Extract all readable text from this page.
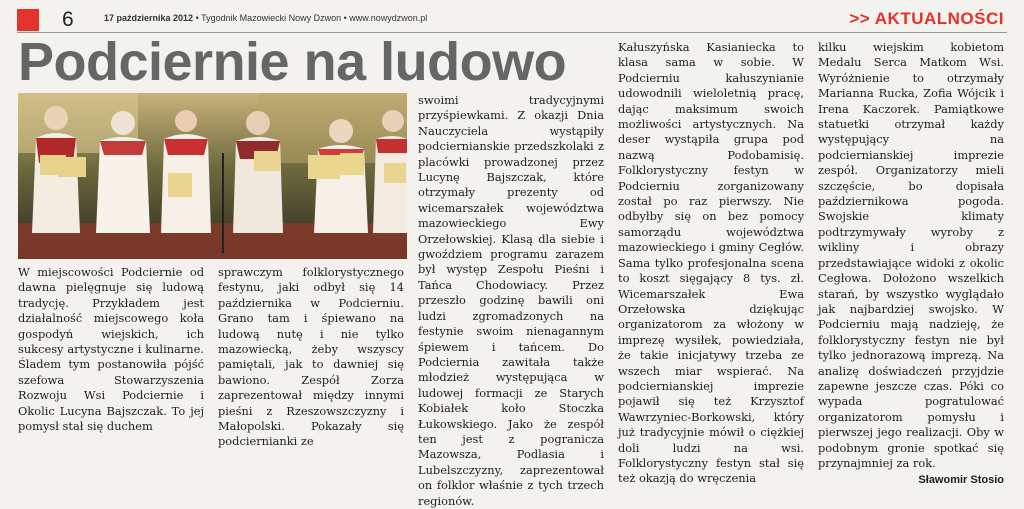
6	17 października 2012 • Tygodnik Mazowiecki Nowy Dzwon • www.nowydzwon.pl	>> AKTUALNOŚCI
Podciernie na ludowo

W miejscowości Podciernie od dawna pielęgnuje się ludową tradycję. Przykładem jest działalność miejscowego koła gospodyń wiejskich, ich sukcesy artystyczne i kulinarne. Śladem tym postanowiła pójść szefowa Stowarzyszenia Rozwoju Wsi Podciernie i Okolic Lucyna Bajszczak. To jej pomysł stał się duchem

sprawczym folklorystycznego festynu, jaki odbył się 14 października w Podcierniu. Grano tam i śpiewano na ludową nutę i nie tylko mazowiecką, żeby wszyscy pamiętali, jak to dawniej się bawiono. Zespół Zorza zaprezentował między innymi pieśni z Rzeszowszczyzny i Małopolski. Pokazały się podciernianki ze

swoimi tradycyjnymi przyśpiewkami. Z okazji Dnia Nauczyciela wystąpiły podciernianskie przedszkolaki z placówki prowadzonej przez Lucynę Bajszczak, które otrzymały prezenty od wicemarszałek województwa mazowieckiego Ewy Orzełowskiej. Klasą dla siebie i gwoździem programu zarazem był występ Zespołu Pieśni i Tańca Chodowiacy. Przez przeszło godzinę bawili oni ludzi zgromadzonych na festynie swoim nienagannym śpiewem i tańcem. Do Podciernia zawitała także młodzież występująca w ludowej formacji ze Starych Kobiałek koło Stoczka Łukowskiego. Jako że zespół ten jest z pogranicza Mazowsza, Podlasia i Lubelszczyzny, zaprezentował on folklor właśnie z tych trzech regionów.

Kałuszyńska Kasianiecka to klasa sama w sobie. W Podcierniu kałuszynianie udowodnili wieloletnią pracę, dając maksimum swoich możliwości artystycznych. Na deser wystąpiła grupa pod nazwą Podobamisię. Folklorystyczny festyn w Podcierniu zorganizowany został po raz pierwszy. Nie odbyłby się on bez pomocy samorządu województwa mazowieckiego i gminy Cegłów. Sama tylko profesjonalna scena to koszt sięgający 8 tys. zł. Wicemarszałek Ewa Orzełowska dziękując organizatorom za włożony w imprezę wysiłek, powiedziała, że takie inicjatywy trzeba ze wszech miar wspierać. Na podciernianskiej imprezie pojawił się też Krzysztof Wawrzyniec-Borkowski, który już tradycyjnie mówił o ciężkiej doli ludzi na wsi. Folklorystyczny festyn stał się też okazją do wręczenia

kilku wiejskim kobietom Medalu Serca Matkom Wsi. Wyróżnienie to otrzymały Marianna Rucka, Zofia Wójcik i Irena Kaczorek. Pamiątkowe statuetki otrzymał każdy występujący na podciernianskiej imprezie zespół. Organizatorzy mieli szczęście, bo dopisała październikowa pogoda. Swojskie klimaty podtrzymywały wyroby z wikliny i obrazy przedstawiające widoki z okolic Cegłowa. Dołożono wszelkich starań, by wszystko wyglądało jak najbardziej swojsko. W Podcierniu mają nadzieję, że folklorystyczny festyn nie był tylko jednorazową imprezą. Na analizę doświadczeń przyjdzie zapewne jeszcze czas. Póki co wypada pogratulować organizatorom pomysłu i pierwszej jego realizacji. Oby w podobnym gronie spotkać się przynajmniej za rok.

Sławomir Stosio
